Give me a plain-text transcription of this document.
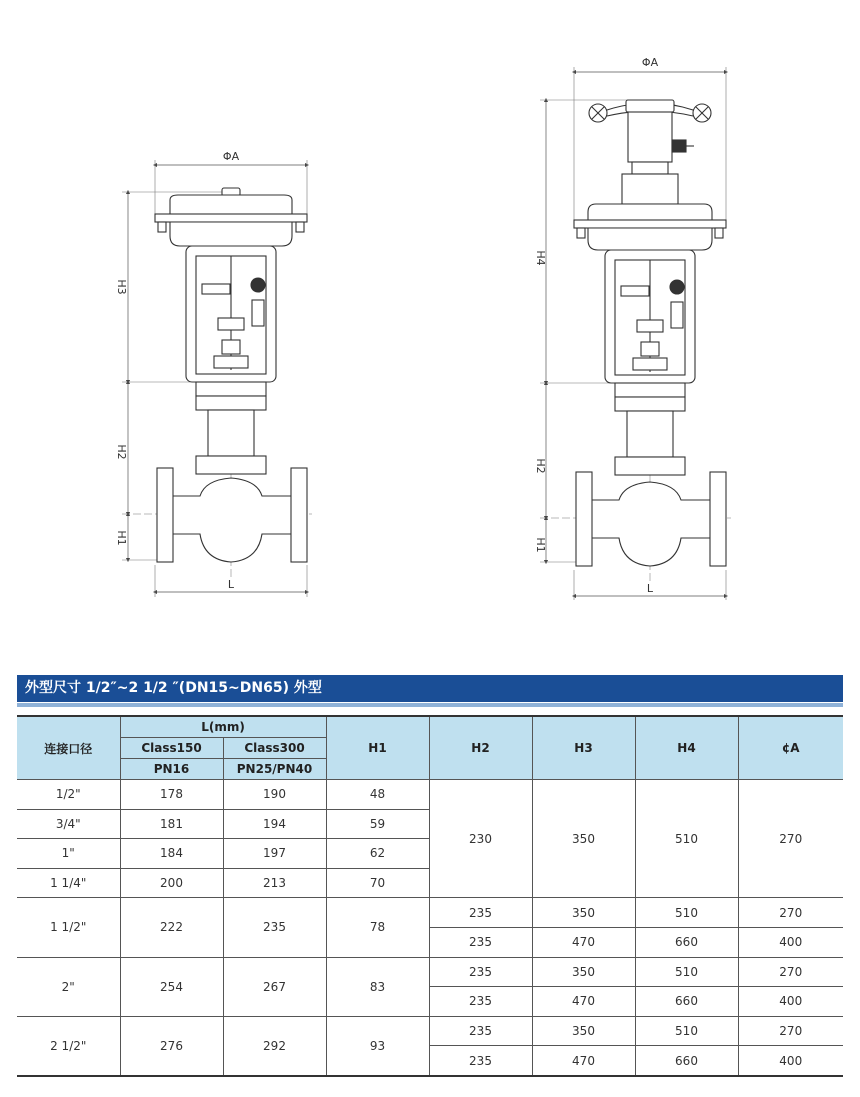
ΦA
H3
H2
H1
L
ΦA
H4
H2
H1
L
外型尺寸 1/2″~2 1/2 ″(DN15~DN65) 外型
连接口径	L(mm)		H1	H2	H3	H4	¢A
	Class150	Class300					
	PN16	PN25/PN40					
1/2"	178	190	48	230	350	510	270
3/4"	181	194	59				
1"	184	197	62				
1 1/4"	200	213	70				
1 1/2"	222	235	78	235	350	510	270
				235	470	660	400
2"	254	267	83	235	350	510	270
				235	470	660	400
2 1/2"	276	292	93	235	350	510	270
				235	470	660	400
